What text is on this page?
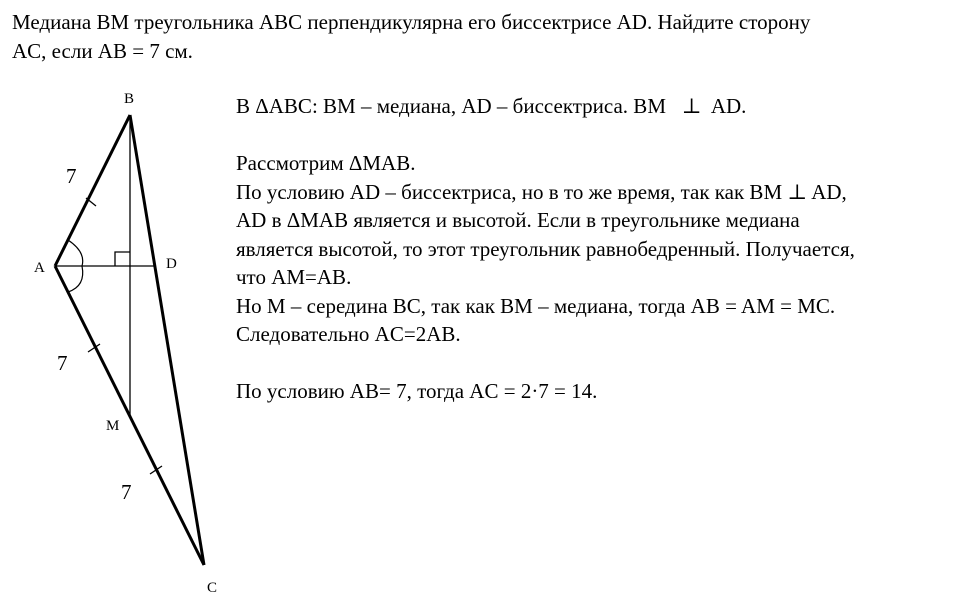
Медиана BM треугольника ABC перпендикулярна его биссектрисе AD. Найдите сторону
AC, если AB = 7 см.
B
A	D
M
C
7
7
7
В ΔABC: BM – медиана, AD – биссектриса. BM   ⊥  AD.
Рассмотрим ΔMAB.
По условию AD – биссектриса, но в то же время, так как BM ⊥ AD,
AD в ΔMAB является и высотой. Если в треугольнике медиана
является высотой, то этот треугольник равнобедренный. Получается,
что AM=AB.
Но M – середина BC, так как BM – медиана, тогда AB = AM = MC.
Следовательно AC=2AB.
По условию AB= 7, тогда AC = 2·7 = 14.
